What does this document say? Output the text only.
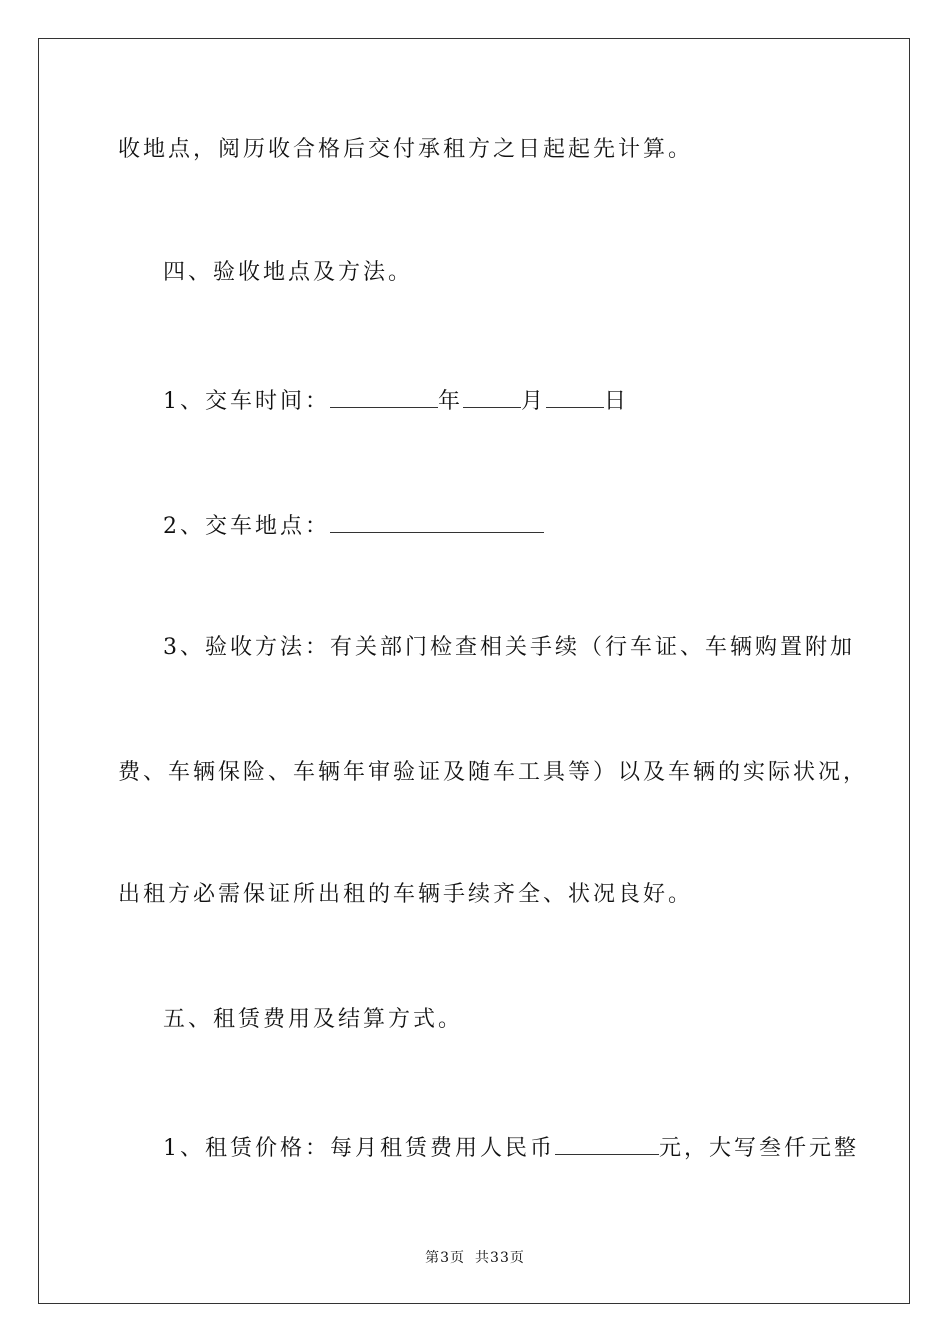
收地点，阅历收合格后交付承租方之日起起先计算。
四、验收地点及方法。
1、交车时间：	年	月	日
2、交车地点：
3、验收方法：有关部门检查相关手续（行车证、车辆购置附加
费、车辆保险、车辆年审验证及随车工具等）以及车辆的实际状况，
出租方必需保证所出租的车辆手续齐全、状况良好。
五、租赁费用及结算方式。
1、租赁价格：每月租赁费用人民币	元，大写叁仟元整
第3页 共33页
